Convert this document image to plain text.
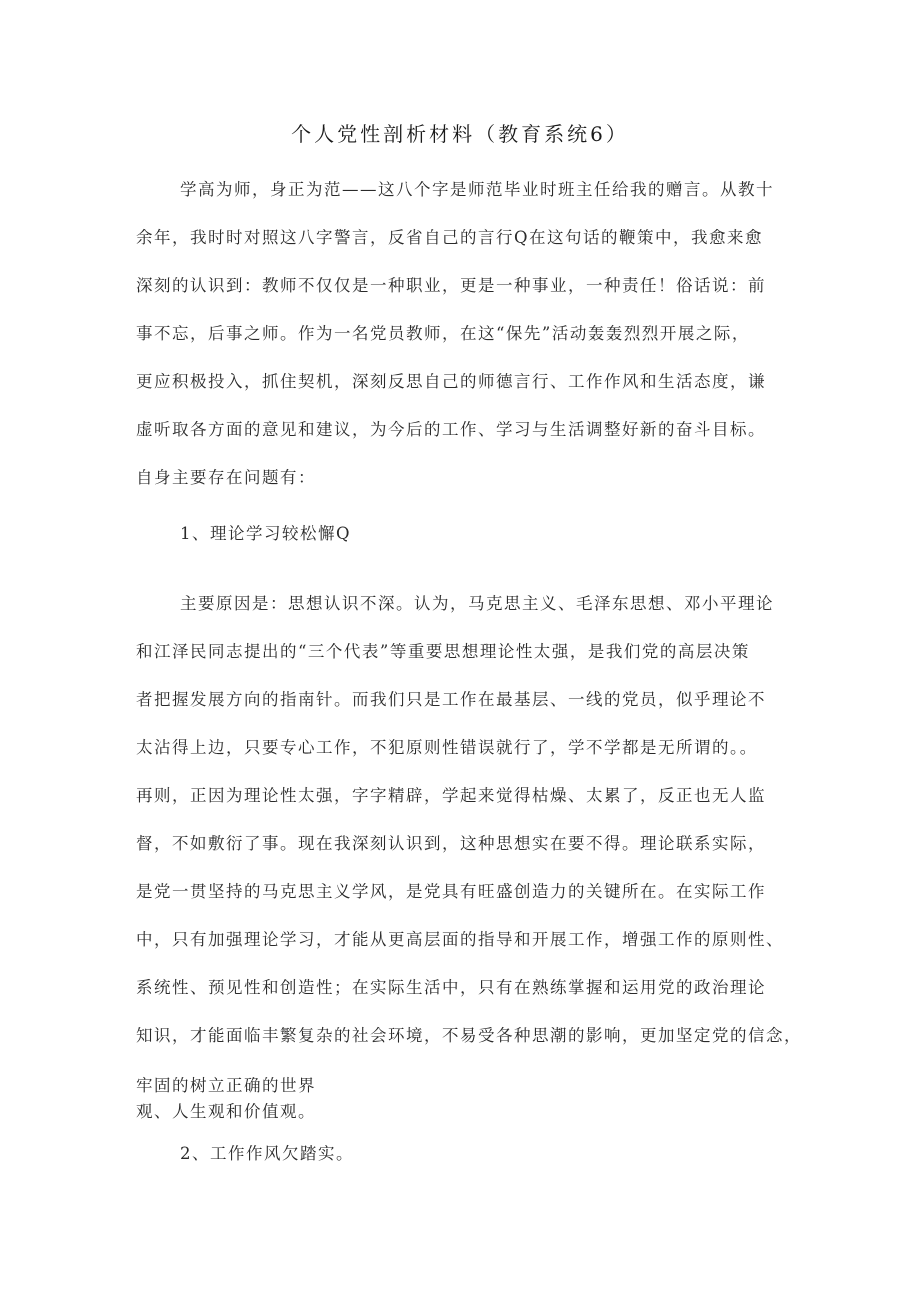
个人党性剖析材料（教育系统6）
学高为师，身正为范——这八个字是师范毕业时班主任给我的赠言。从教十
余年，我时时对照这八字警言，反省自己的言行Q在这句话的鞭策中，我愈来愈
深刻的认识到：教师不仅仅是一种职业，更是一种事业，一种责任！俗话说：前
事不忘，后事之师。作为一名党员教师，在这“保先”活动轰轰烈烈开展之际，
更应积极投入，抓住契机，深刻反思自己的师德言行、工作作风和生活态度，谦
虚听取各方面的意见和建议，为今后的工作、学习与生活调整好新的奋斗目标。
自身主要存在问题有：
1、理论学习较松懈Q
主要原因是：思想认识不深。认为，马克思主义、毛泽东思想、邓小平理论
和江泽民同志提出的“三个代表”等重要思想理论性太强，是我们党的高层决策
者把握发展方向的指南针。而我们只是工作在最基层、一线的党员，似乎理论不
太沾得上边，只要专心工作，不犯原则性错误就行了，学不学都是无所谓的。。
再则，正因为理论性太强，字字精辟，学起来觉得枯燥、太累了，反正也无人监
督，不如敷衍了事。现在我深刻认识到，这种思想实在要不得。理论联系实际，
是党一贯坚持的马克思主义学风，是党具有旺盛创造力的关键所在。在实际工作
中，只有加强理论学习，才能从更高层面的指导和开展工作，增强工作的原则性、
系统性、预见性和创造性；在实际生活中，只有在熟练掌握和运用党的政治理论
知识，才能面临丰繁复杂的社会环境，不易受各种思潮的影响，更加坚定党的信念，
牢固的树立正确的世界
观、人生观和价值观。
2、工作作风欠踏实。
